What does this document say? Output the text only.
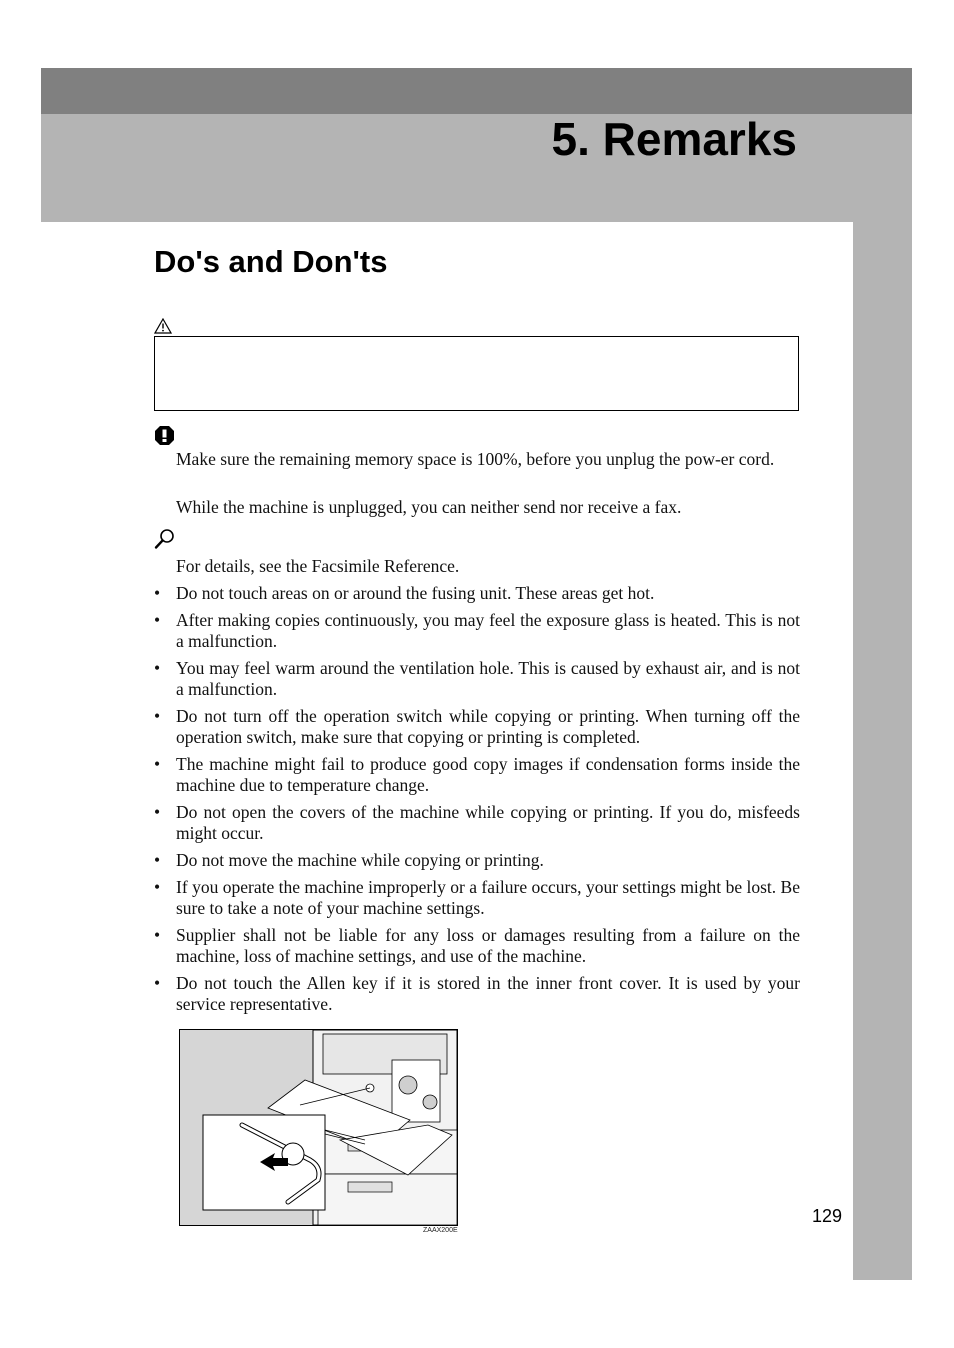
5. Remarks
Do's and Don'ts

Make sure the remaining memory space is 100%, before you unplug the pow-er cord.

While the machine is unplugged, you can neither send nor receive a fax.

For details, see the Facsimile Reference.

• Do not touch areas on or around the fusing unit. These areas get hot.
• After making copies continuously, you may feel the exposure glass is heated. This is not a malfunction.
• You may feel warm around the ventilation hole. This is caused by exhaust air, and is not a malfunction.
• Do not turn off the operation switch while copying or printing. When turning off the operation switch, make sure that copying or printing is completed.
• The machine might fail to produce good copy images if condensation forms inside the machine due to temperature change.
• Do not open the covers of the machine while copying or printing. If you do, misfeeds might occur.
• Do not move the machine while copying or printing.
• If you operate the machine improperly or a failure occurs, your settings might be lost. Be sure to take a note of your machine settings.
• Supplier shall not be liable for any loss or damages resulting from a failure on the machine, loss of machine settings, and use of the machine.
• Do not touch the Allen key if it is stored in the inner front cover. It is used by your service representative.
ZAAX200E
129
